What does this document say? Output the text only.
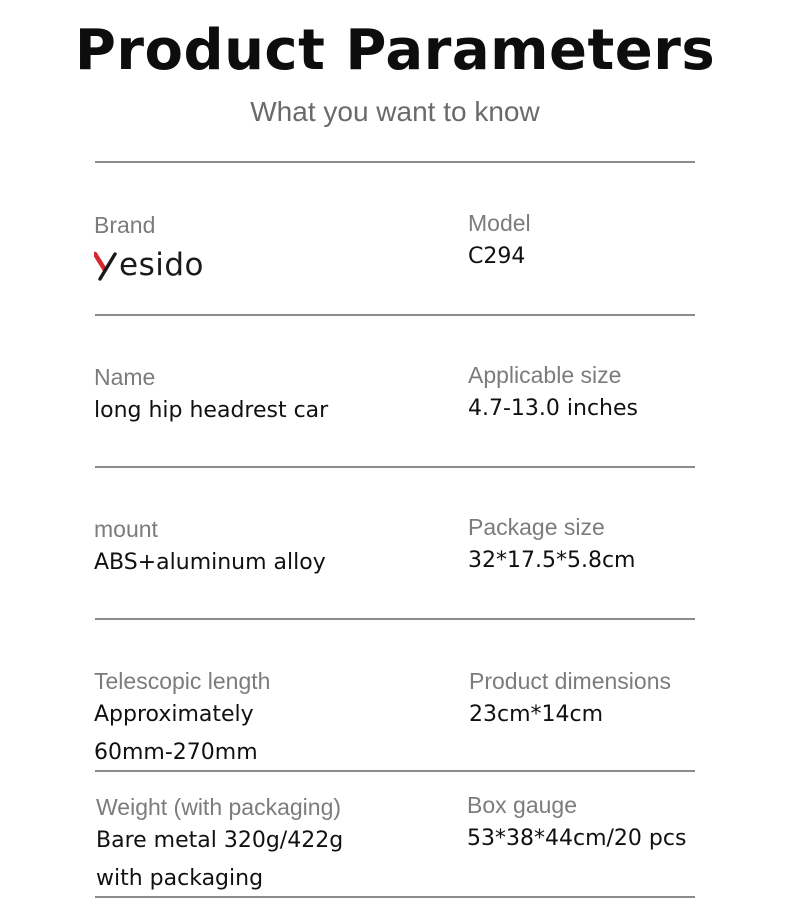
Product Parameters
What you want to know
Brand
esido
Model
C294
Name
long hip headrest car
Applicable size
4.7-13.0 inches
mount
ABS+aluminum alloy
Package size
32*17.5*5.8cm
Telescopic length
Approximately
60mm-270mm
Product dimensions
23cm*14cm
Weight (with packaging)
Bare metal 320g/422g
with packaging
Box gauge
53*38*44cm/20 pcs
